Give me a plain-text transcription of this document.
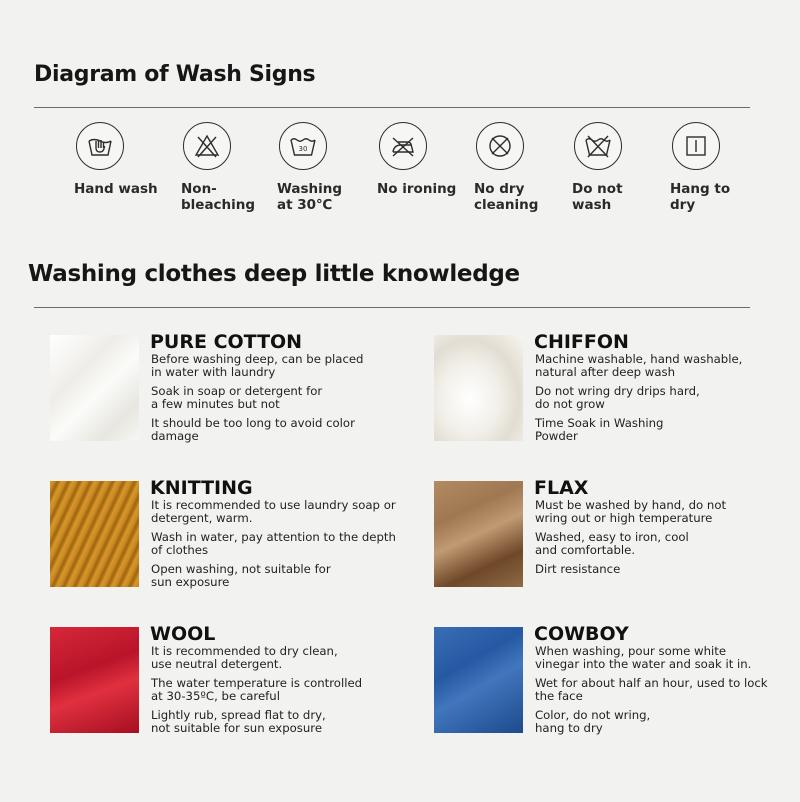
Diagram of Wash Signs
Hand wash	Non-
bleaching
30
Washing
at 30℃
No ironing	No dry
cleaning
Do not
wash
Hang to
dry
Washing clothes deep little knowledge
PURE COTTON
Before washing deep, can be placed
in water with laundry
Soak in soap or detergent for
a few minutes but not
It should be too long to avoid color
damage
CHIFFON
Machine washable, hand washable,
natural after deep wash
Do not wring dry drips hard,
do not grow
Time Soak in Washing
Powder
KNITTING
It is recommended to use laundry soap or
detergent, warm.
Wash in water, pay attention to the depth
of clothes
Open washing, not suitable for
sun exposure
FLAX
Must be washed by hand, do not
wring out or high temperature
Washed, easy to iron, cool
and comfortable.
Dirt resistance
WOOL
It is recommended to dry clean,
use neutral detergent.
The water temperature is controlled
at 30-35ºC, be careful
Lightly rub, spread flat to dry,
not suitable for sun exposure
COWBOY
When washing, pour some white
vinegar into the water and soak it in.
Wet for about half an hour, used to lock
the face
Color, do not wring,
hang to dry
